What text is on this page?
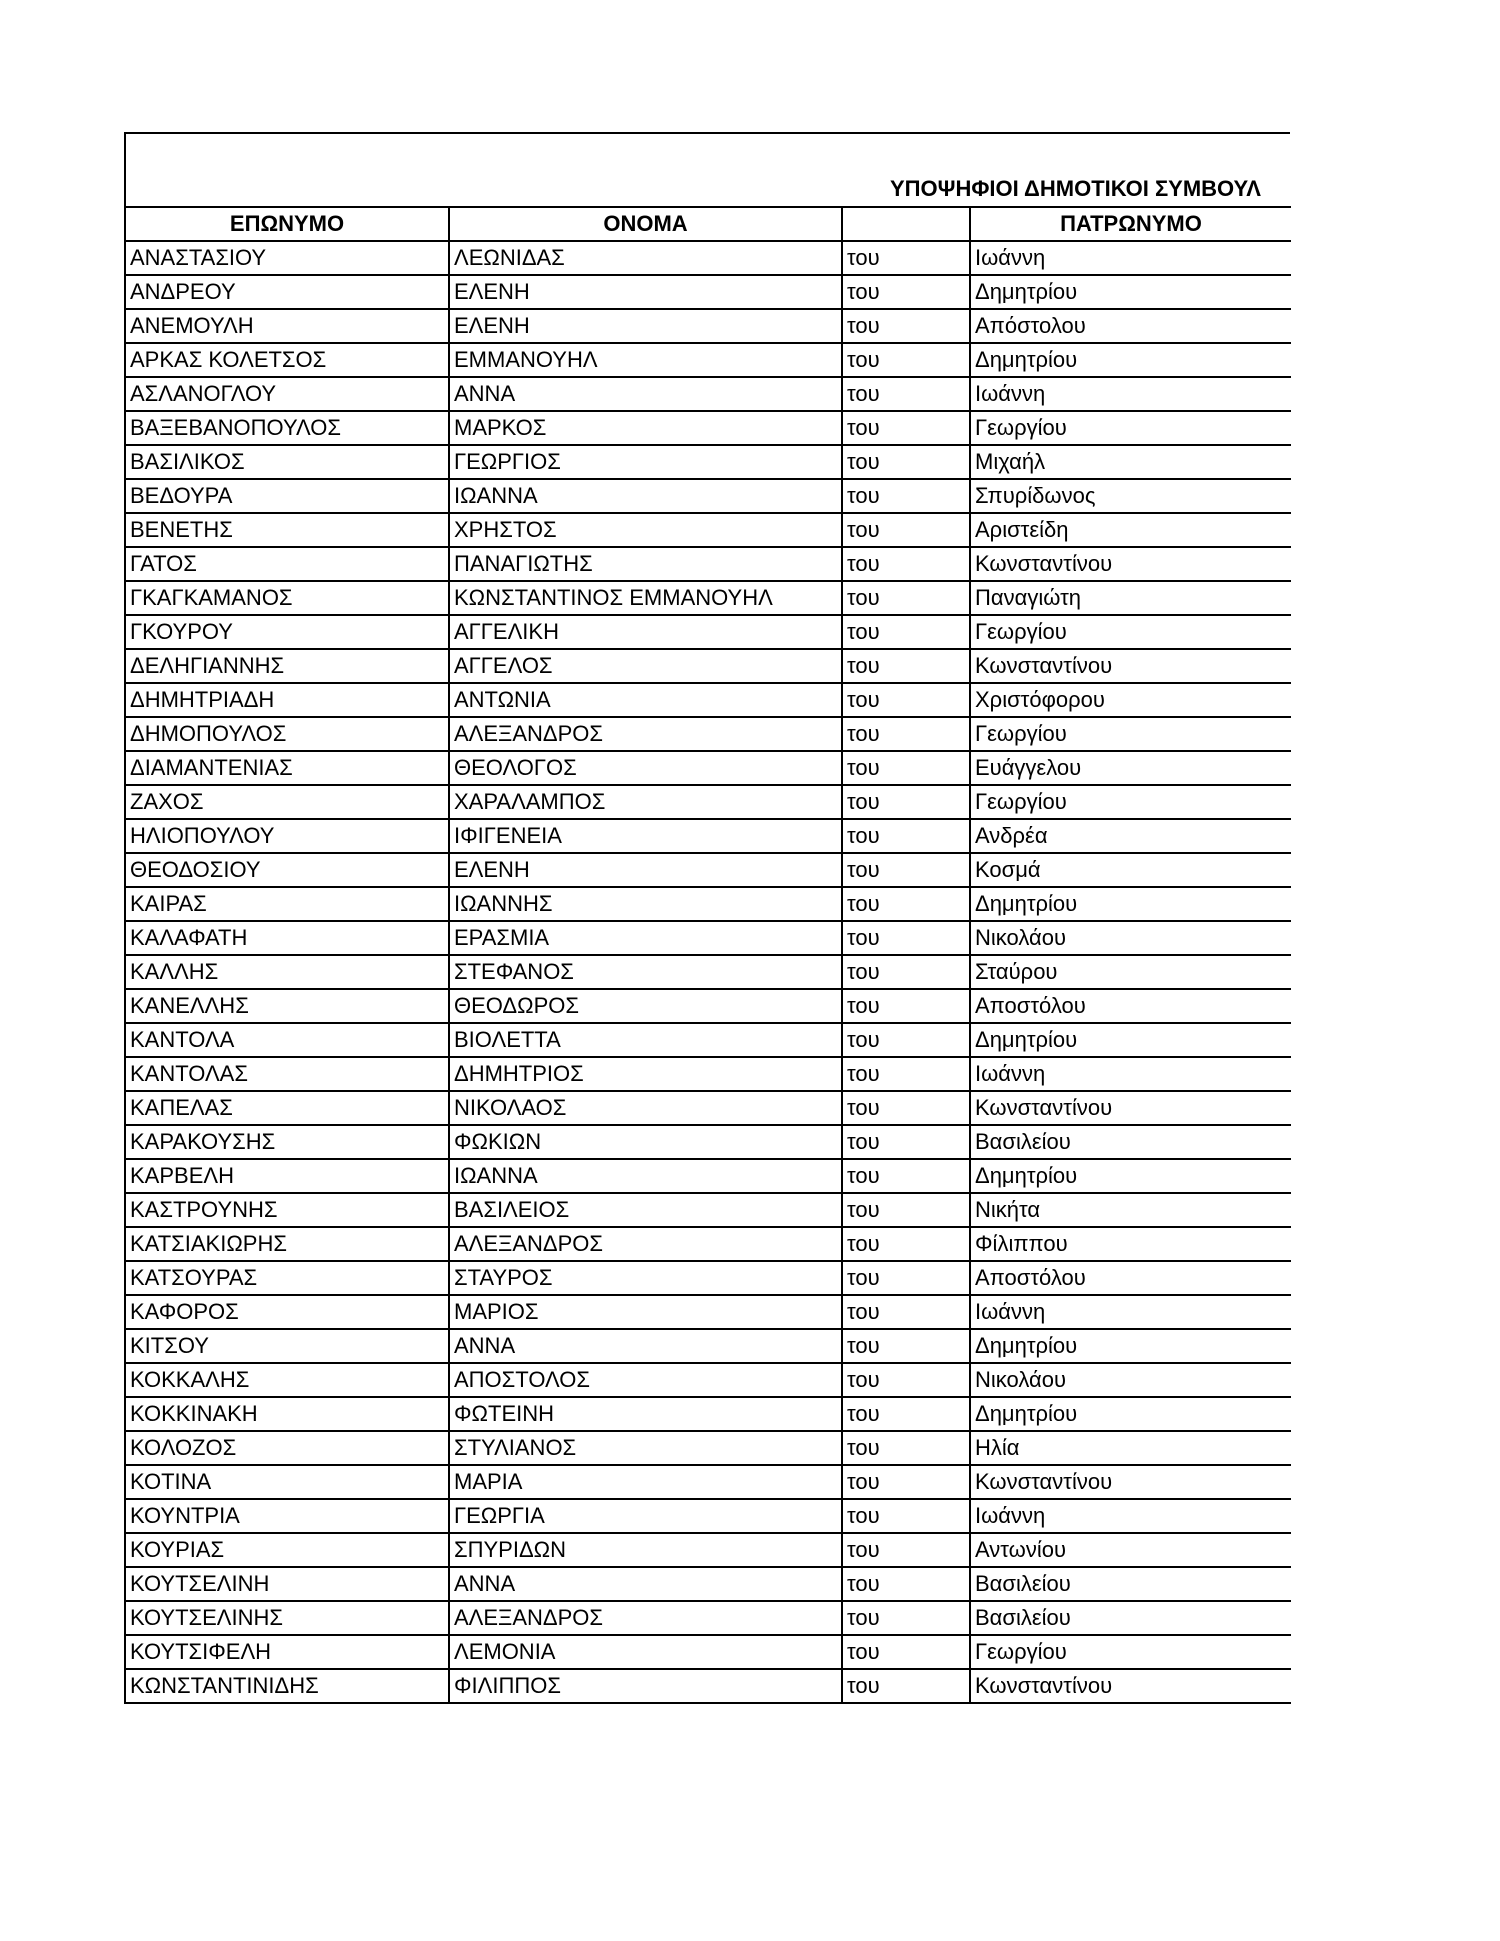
ΥΠΟΨΗΦΙΟΙ ΔΗΜΟΤΙΚΟΙ ΣΥΜΒΟΥΛ
ΕΠΩΝΥΜΟ	ΟΝΟΜΑ		ΠΑΤΡΩΝΥΜΟ
ΑΝΑΣΤΑΣΙΟΥ	ΛΕΩΝΙΔΑΣ	του	Ιωάννη
ΑΝΔΡΕΟΥ	ΕΛΕΝΗ	του	Δημητρίου
ΑΝΕΜΟΥΛΗ	ΕΛΕΝΗ	του	Απόστολου
ΑΡΚΑΣ ΚΟΛΕΤΣΟΣ	ΕΜΜΑΝΟΥΗΛ	του	Δημητρίου
ΑΣΛΑΝΟΓΛΟΥ	ΑΝΝΑ	του	Ιωάννη
ΒΑΞΕΒΑΝΟΠΟΥΛΟΣ	ΜΑΡΚΟΣ	του	Γεωργίου
ΒΑΣΙΛΙΚΟΣ	ΓΕΩΡΓΙΟΣ	του	Μιχαήλ
ΒΕΔΟΥΡΑ	ΙΩΑΝΝΑ	του	Σπυρίδωνος
ΒΕΝΕΤΗΣ	ΧΡΗΣΤΟΣ	του	Αριστείδη
ΓΑΤΟΣ	ΠΑΝΑΓΙΩΤΗΣ	του	Κωνσταντίνου
ΓΚΑΓΚΑΜΑΝΟΣ	ΚΩΝΣΤΑΝΤΙΝΟΣ ΕΜΜΑΝΟΥΗΛ	του	Παναγιώτη
ΓΚΟΥΡΟΥ	ΑΓΓΕΛΙΚΗ	του	Γεωργίου
ΔΕΛΗΓΙΑΝΝΗΣ	ΑΓΓΕΛΟΣ	του	Κωνσταντίνου
ΔΗΜΗΤΡΙΑΔΗ	ΑΝΤΩΝΙΑ	του	Χριστόφορου
ΔΗΜΟΠΟΥΛΟΣ	ΑΛΕΞΑΝΔΡΟΣ	του	Γεωργίου
ΔΙΑΜΑΝΤΕΝΙΑΣ	ΘΕΟΛΟΓΟΣ	του	Ευάγγελου
ΖΑΧΟΣ	ΧΑΡΑΛΑΜΠΟΣ	του	Γεωργίου
ΗΛΙΟΠΟΥΛΟΥ	ΙΦΙΓΕΝΕΙΑ	του	Ανδρέα
ΘΕΟΔΟΣΙΟΥ	ΕΛΕΝΗ	του	Κοσμά
ΚΑΙΡΑΣ	ΙΩΑΝΝΗΣ	του	Δημητρίου
ΚΑΛΑΦΑΤΗ	ΕΡΑΣΜΙΑ	του	Νικολάου
ΚΑΛΛΗΣ	ΣΤΕΦΑΝΟΣ	του	Σταύρου
ΚΑΝΕΛΛΗΣ	ΘΕΟΔΩΡΟΣ	του	Αποστόλου
ΚΑΝΤΟΛΑ	ΒΙΟΛΕΤΤΑ	του	Δημητρίου
ΚΑΝΤΟΛΑΣ	ΔΗΜΗΤΡΙΟΣ	του	Ιωάννη
ΚΑΠΕΛΑΣ	ΝΙΚΟΛΑΟΣ	του	Κωνσταντίνου
ΚΑΡΑΚΟΥΣΗΣ	ΦΩΚΙΩΝ	του	Βασιλείου
ΚΑΡΒΕΛΗ	ΙΩΑΝΝΑ	του	Δημητρίου
ΚΑΣΤΡΟΥΝΗΣ	ΒΑΣΙΛΕΙΟΣ	του	Νικήτα
ΚΑΤΣΙΑΚΙΩΡΗΣ	ΑΛΕΞΑΝΔΡΟΣ	του	Φίλιππου
ΚΑΤΣΟΥΡΑΣ	ΣΤΑΥΡΟΣ	του	Αποστόλου
ΚΑΦΟΡΟΣ	ΜΑΡΙΟΣ	του	Ιωάννη
ΚΙΤΣΟΥ	ΑΝΝΑ	του	Δημητρίου
ΚΟΚΚΑΛΗΣ	ΑΠΟΣΤΟΛΟΣ	του	Νικολάου
ΚΟΚΚΙΝΑΚΗ	ΦΩΤΕΙΝΗ	του	Δημητρίου
ΚΟΛΟΖΟΣ	ΣΤΥΛΙΑΝΟΣ	του	Ηλία
ΚΟΤΙΝΑ	ΜΑΡΙΑ	του	Κωνσταντίνου
ΚΟΥΝΤΡΙΑ	ΓΕΩΡΓΙΑ	του	Ιωάννη
ΚΟΥΡΙΑΣ	ΣΠΥΡΙΔΩΝ	του	Αντωνίου
ΚΟΥΤΣΕΛΙΝΗ	ΑΝΝΑ	του	Βασιλείου
ΚΟΥΤΣΕΛΙΝΗΣ	ΑΛΕΞΑΝΔΡΟΣ	του	Βασιλείου
ΚΟΥΤΣΙΦΕΛΗ	ΛΕΜΟΝΙΑ	του	Γεωργίου
ΚΩΝΣΤΑΝΤΙΝΙΔΗΣ	ΦΙΛΙΠΠΟΣ	του	Κωνσταντίνου
